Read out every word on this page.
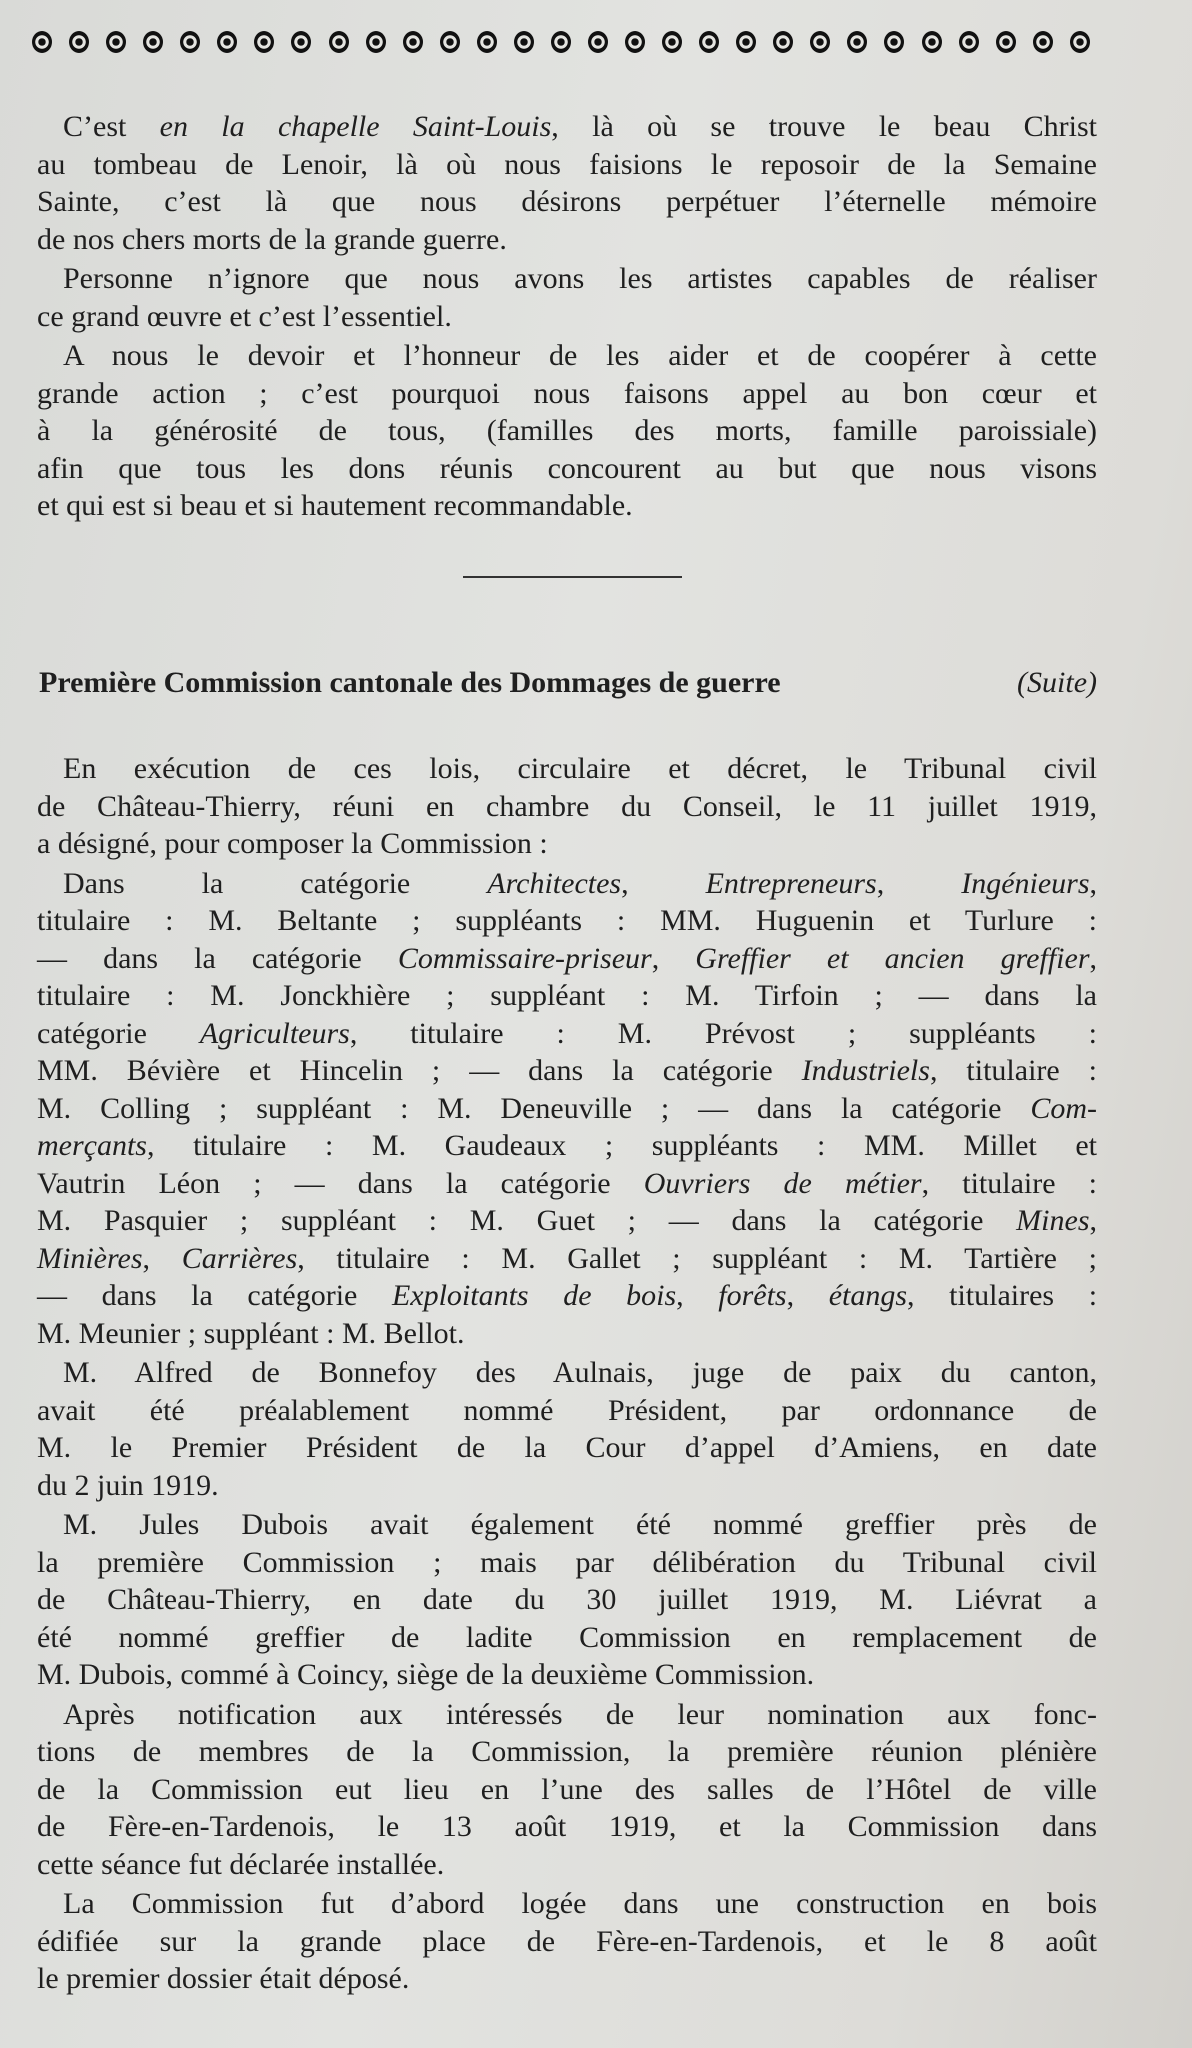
C’est en la chapelle Saint-Louis, là où se trouve le beau Christ
au tombeau de Lenoir, là où nous faisions le reposoir de la Semaine
Sainte, c’est là que nous désirons perpétuer l’éternelle mémoire
de nos chers morts de la grande guerre.
Personne n’ignore que nous avons les artistes capables de réaliser
ce grand œuvre et c’est l’essentiel.
A nous le devoir et l’honneur de les aider et de coopérer à cette
grande action ; c’est pourquoi nous faisons appel au bon cœur et
à la générosité de tous, (familles des morts, famille paroissiale)
afin que tous les dons réunis concourent au but que nous visons
et qui est si beau et si hautement recommandable.
Première Commission cantonale des Dommages de guerre	(Suite)
En exécution de ces lois, circulaire et décret, le Tribunal civil
de Château-Thierry, réuni en chambre du Conseil, le 11 juillet 1919,
a désigné, pour composer la Commission :
Dans la catégorie Architectes, Entrepreneurs, Ingénieurs,
titulaire : M. Beltante ; suppléants : MM. Huguenin et Turlure :
— dans la catégorie Commissaire-priseur, Greffier et ancien greffier,
titulaire : M. Jonckhière ; suppléant : M. Tirfoin ; — dans la
catégorie Agriculteurs, titulaire : M. Prévost ; suppléants :
MM. Bévière et Hincelin ; — dans la catégorie Industriels, titulaire :
M. Colling ; suppléant : M. Deneuville ; — dans la catégorie Com-
merçants, titulaire : M. Gaudeaux ; suppléants : MM. Millet et
Vautrin Léon ; — dans la catégorie Ouvriers de métier, titulaire :
M. Pasquier ; suppléant : M. Guet ; — dans la catégorie Mines,
Minières, Carrières, titulaire : M. Gallet ; suppléant : M. Tartière ;
— dans la catégorie Exploitants de bois, forêts, étangs, titulaires :
M. Meunier ; suppléant : M. Bellot.
M. Alfred de Bonnefoy des Aulnais, juge de paix du canton,
avait été préalablement nommé Président, par ordonnance de
M. le Premier Président de la Cour d’appel d’Amiens, en date
du 2 juin 1919.
M. Jules Dubois avait également été nommé greffier près de
la première Commission ; mais par délibération du Tribunal civil
de Château-Thierry, en date du 30 juillet 1919, M. Liévrat a
été nommé greffier de ladite Commission en remplacement de
M. Dubois, commé à Coincy, siège de la deuxième Commission.
Après notification aux intéressés de leur nomination aux fonc-
tions de membres de la Commission, la première réunion plénière
de la Commission eut lieu en l’une des salles de l’Hôtel de ville
de Fère-en-Tardenois, le 13 août 1919, et la Commission dans
cette séance fut déclarée installée.
La Commission fut d’abord logée dans une construction en bois
édifiée sur la grande place de Fère-en-Tardenois, et le 8 août
le premier dossier était déposé.
